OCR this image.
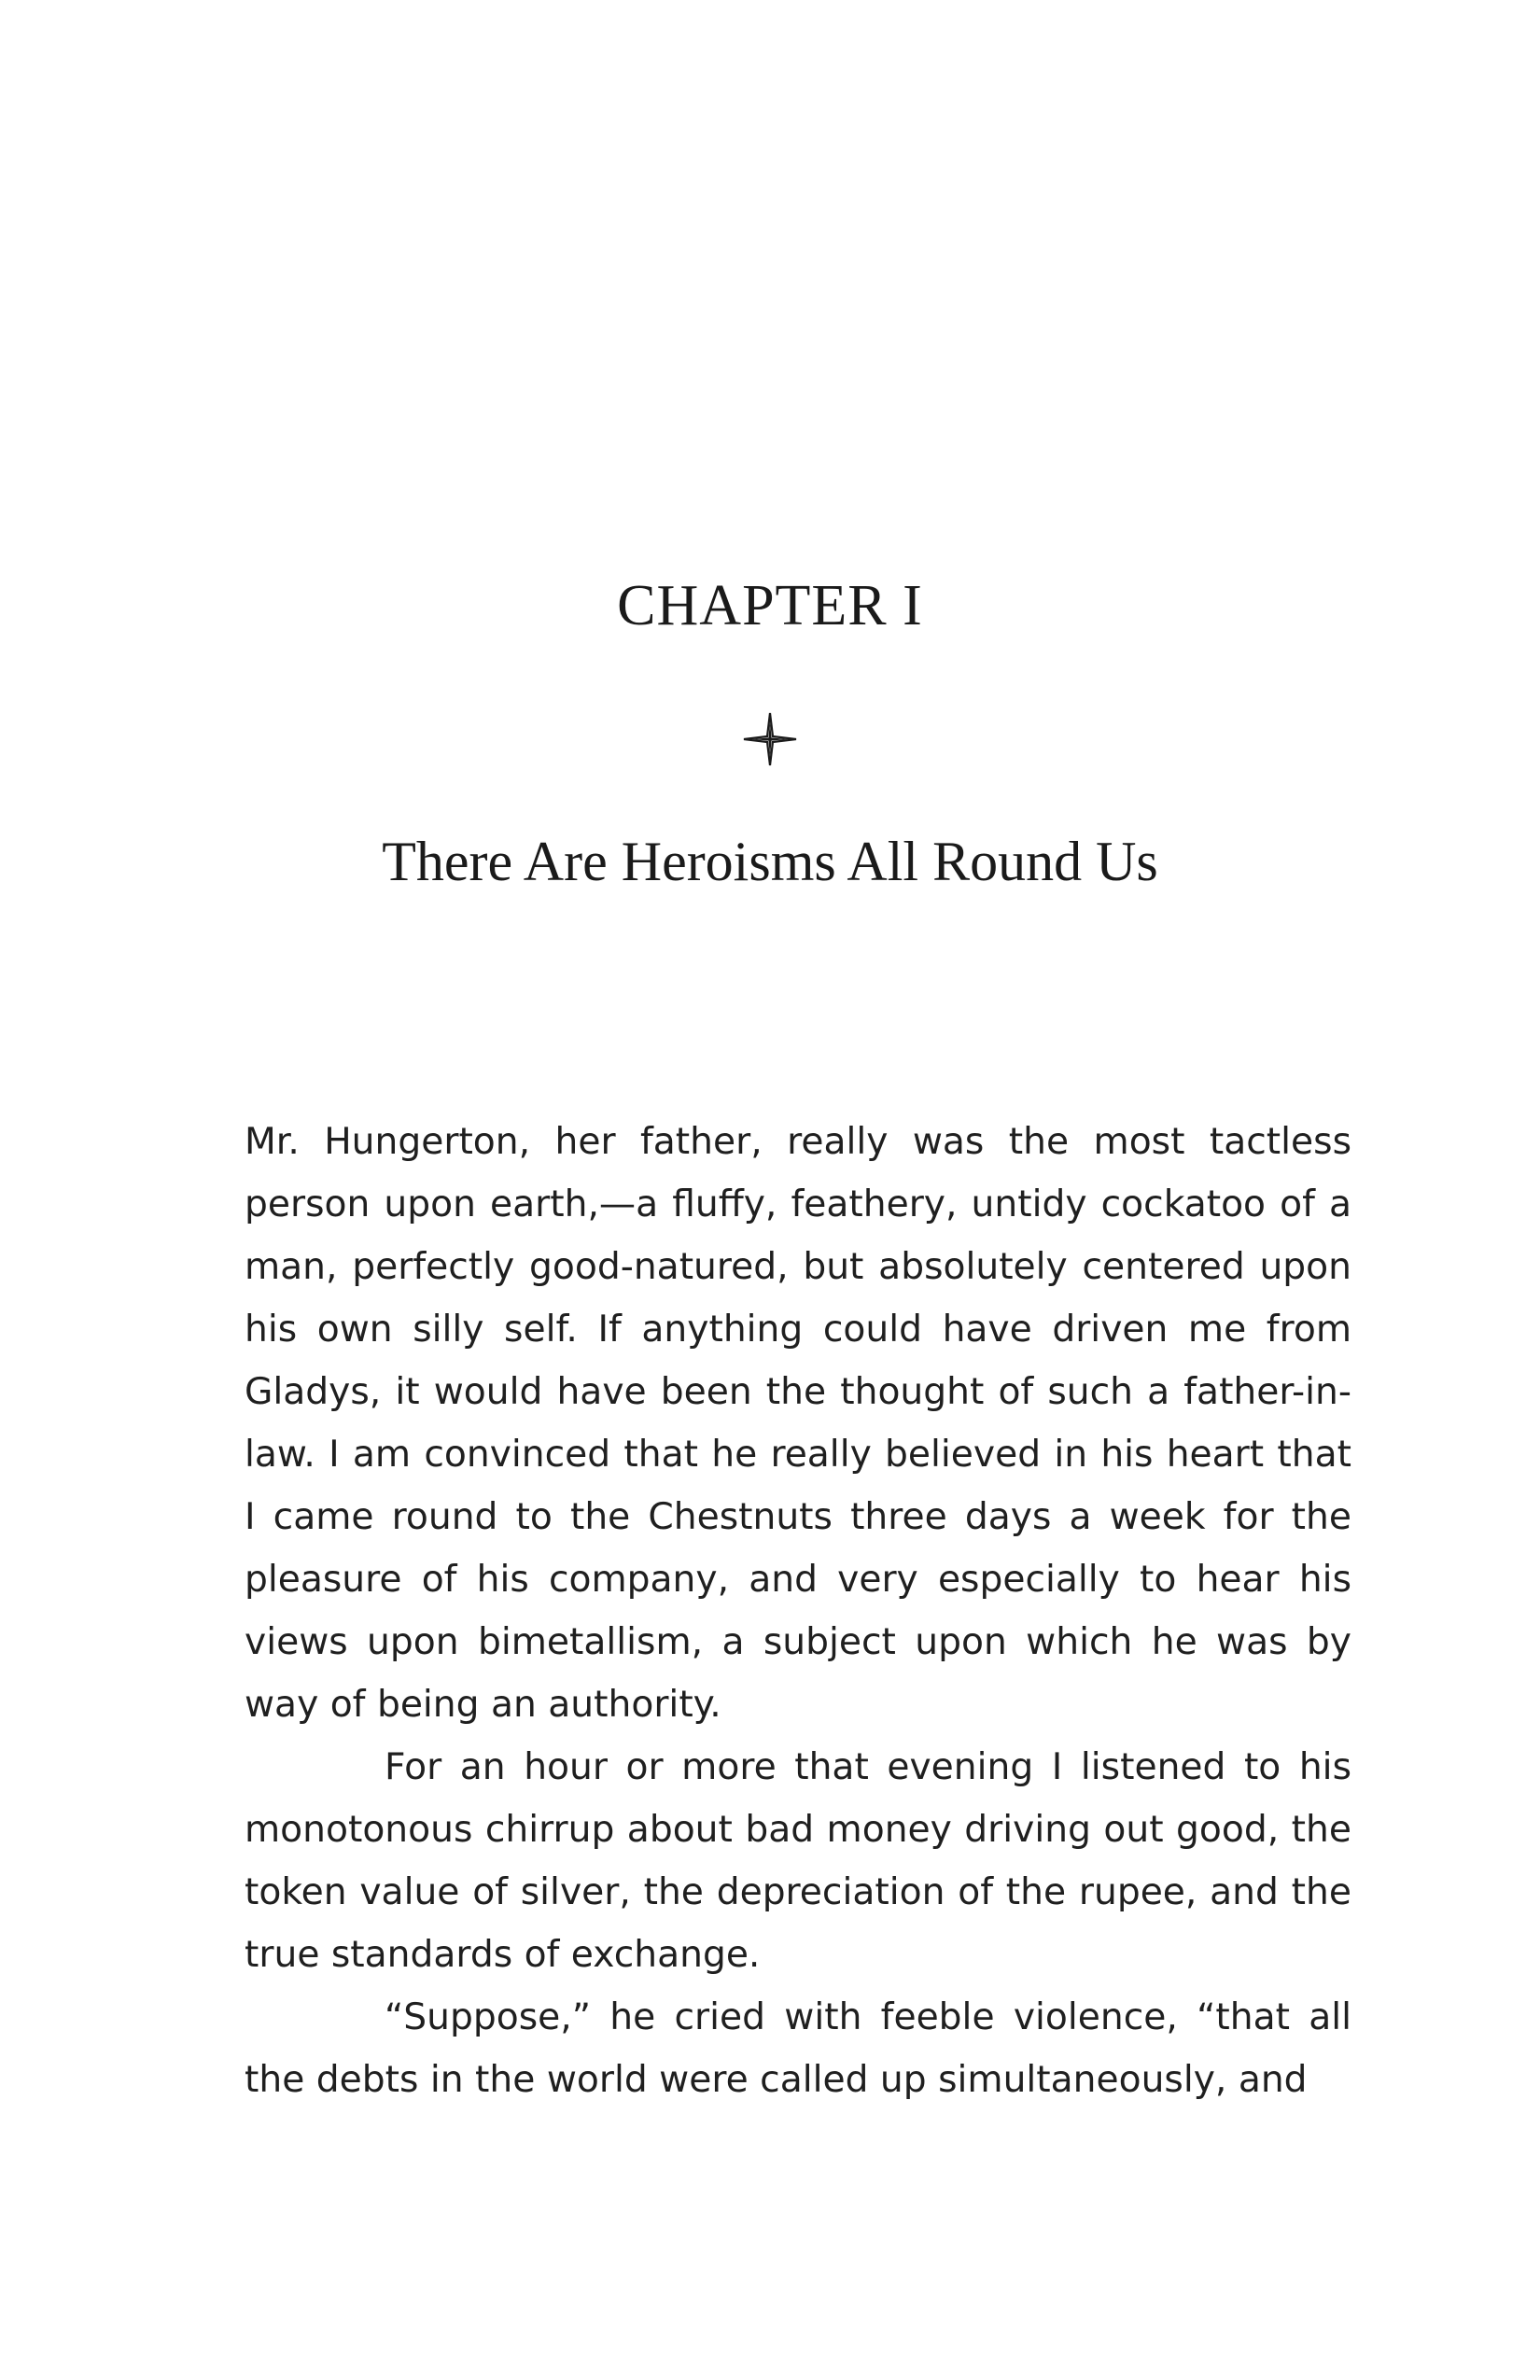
CHAPTER I
There Are Heroisms All Round Us

Mr. Hungerton, her father, really was the most tactless person upon earth,—a fluffy, feathery, untidy cockatoo of a man, perfectly good-natured, but absolutely centered upon his own silly self. If anything could have driven me from Gladys, it would have been the thought of such a father-in-law. I am convinced that he really believed in his heart that I came round to the Chestnuts three days a week for the pleasure of his company, and very especially to hear his views upon bimetallism, a subject upon which he was by way of being an authority.

For an hour or more that evening I listened to his monotonous chirrup about bad money driving out good, the token value of silver, the depreciation of the rupee, and the true standards of exchange.

“Suppose,” he cried with feeble violence, “that all the debts in the world were called up simultaneously, and
